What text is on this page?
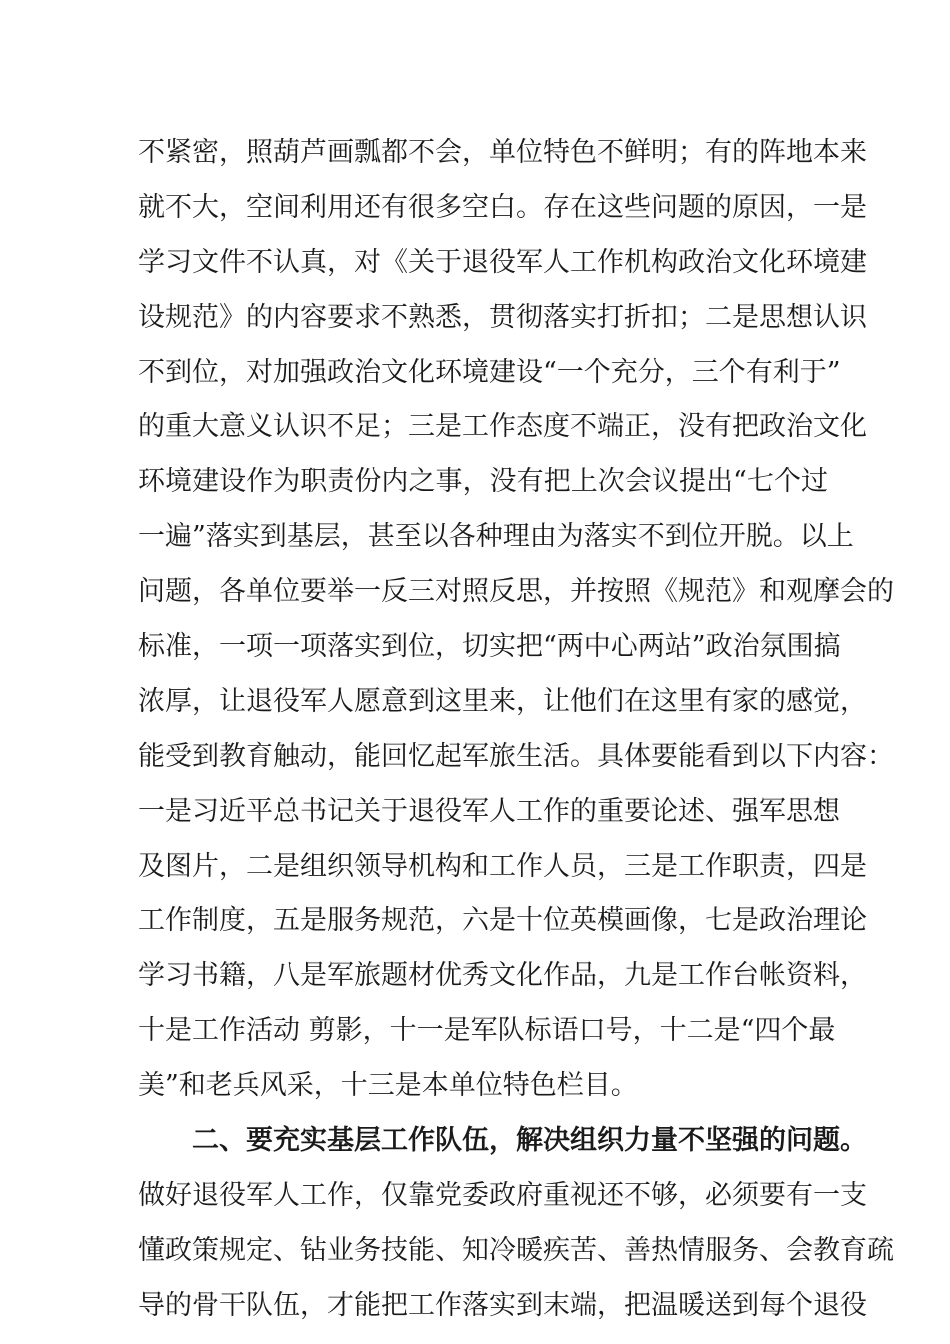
不紧密，照葫芦画瓢都不会，单位特色不鲜明；有的阵地本来
就不大，空间利用还有很多空白。存在这些问题的原因，一是
学习文件不认真，对《关于退役军人工作机构政治文化环境建
设规范》的内容要求不熟悉，贯彻落实打折扣；二是思想认识
不到位，对加强政治文化环境建设“一个充分，三个有利于”
的重大意义认识不足；三是工作态度不端正，没有把政治文化
环境建设作为职责份内之事，没有把上次会议提出“七个过
一遍”落实到基层，甚至以各种理由为落实不到位开脱。以上
问题，各单位要举一反三对照反思，并按照《规范》和观摩会的
标准，一项一项落实到位，切实把“两中心两站”政治氛围搞
浓厚，让退役军人愿意到这里来，让他们在这里有家的感觉，
能受到教育触动，能回忆起军旅生活。具体要能看到以下内容：
一是习近平总书记关于退役军人工作的重要论述、强军思想
及图片，二是组织领导机构和工作人员，三是工作职责，四是
工作制度，五是服务规范，六是十位英模画像，七是政治理论
学习书籍，八是军旅题材优秀文化作品，九是工作台帐资料，
十是工作活动 剪影，十一是军队标语口号，十二是“四个最
美”和老兵风采，十三是本单位特色栏目。
二、要充实基层工作队伍，解决组织力量不坚强的问题。
做好退役军人工作，仅靠党委政府重视还不够，必须要有一支
懂政策规定、钻业务技能、知冷暖疾苦、善热情服务、会教育疏
导的骨干队伍，才能把工作落实到末端，把温暖送到每个退役
